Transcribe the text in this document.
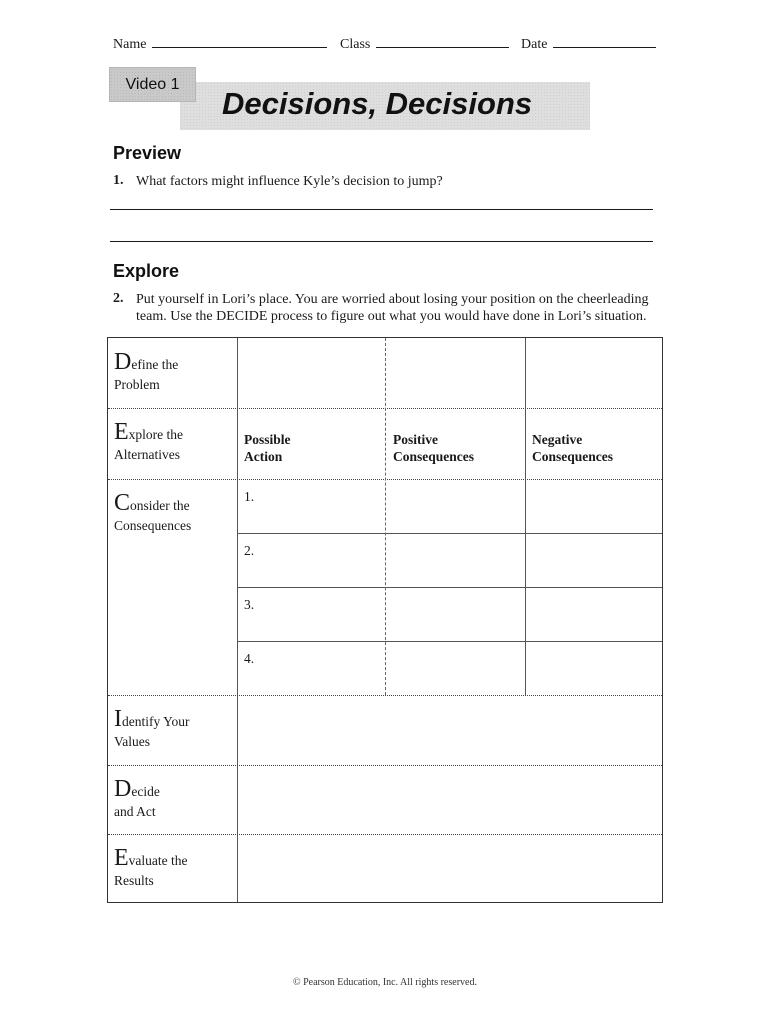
Name	Class	Date
Video 1
Decisions, Decisions
Preview
1. What factors might influence Kyle’s decision to jump?
Explore
2. Put yourself in Lori’s place. You are worried about losing your position on the cheerleading team. Use the DECIDE process to figure out what you would have done in Lori’s situation.
Define the
Problem
Explore the
Alternatives
Consider the
Consequences
Identify Your
Values
Decide
and Act
Evaluate the
Results
Possible
Action
Positive
Consequences
Negative
Consequences
1.
2.
3.
4.
© Pearson Education, Inc. All rights reserved.
